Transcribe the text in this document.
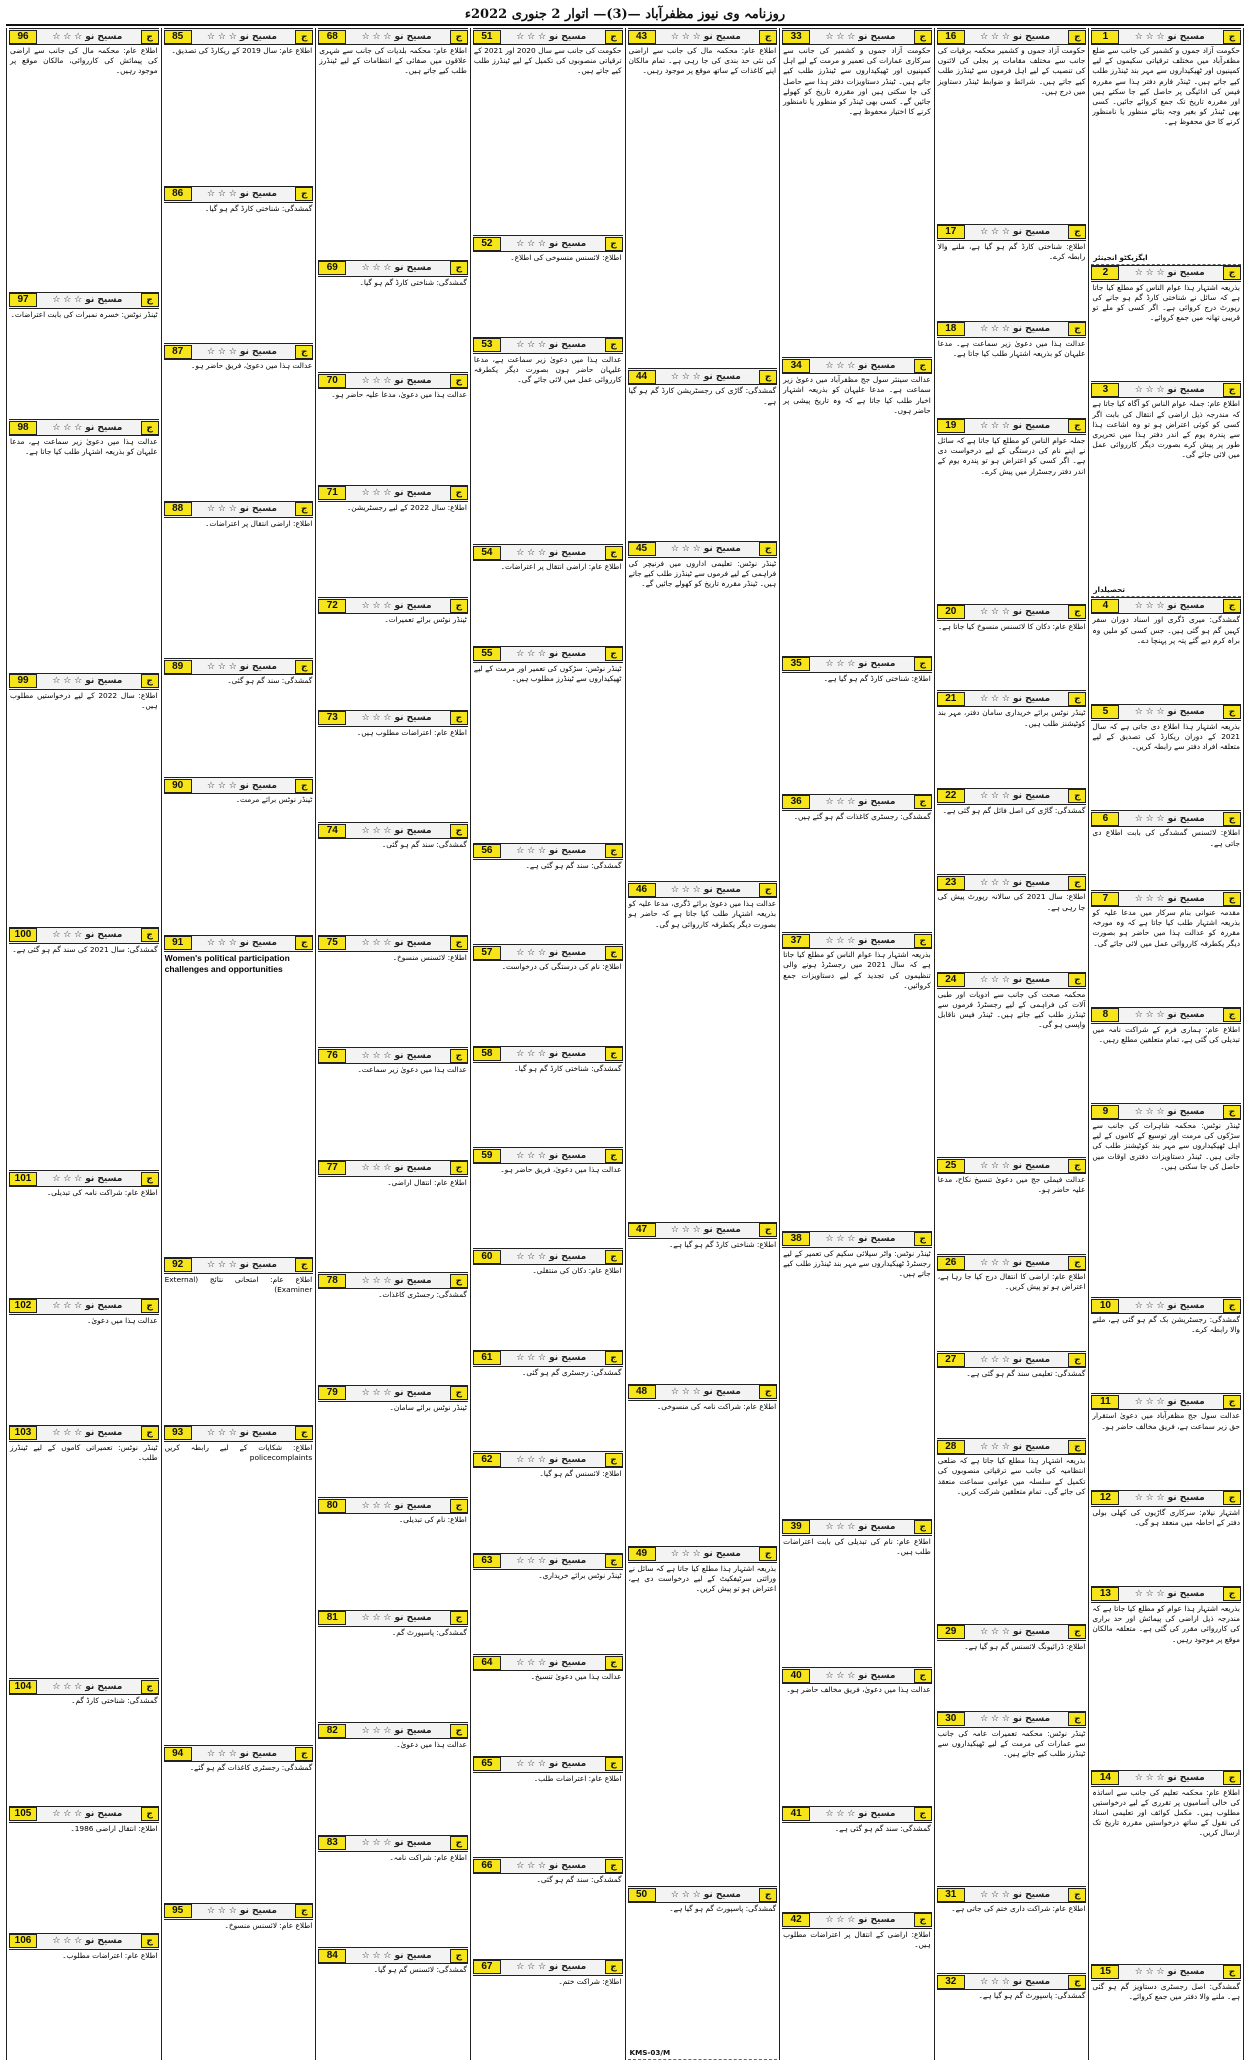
روزنامہ وی نیوز مظفرآباد —(3)— اتوار 2 جنوری 2022ء
1	☆ ☆ ☆ مسیح نو	ج
حکومت آزاد جموں و کشمیر کی جانب سے ضلع مظفرآباد میں مختلف ترقیاتی سکیموں کے لیے کمپنیوں اور ٹھیکیداروں سے مہر بند ٹینڈرز طلب کیے جاتے ہیں۔ ٹینڈر فارم دفتر ہذا سے مقررہ فیس کی ادائیگی پر حاصل کیے جا سکتے ہیں اور مقررہ تاریخ تک جمع کروائے جائیں۔ کسی بھی ٹینڈر کو بغیر وجہ بتائے منظور یا نامنظور کرنے کا حق محفوظ ہے۔
ایگزیکٹو انجینئر
2	☆ ☆ ☆ مسیح نو	ج
بذریعہ اشتہار ہذا عوام الناس کو مطلع کیا جاتا ہے کہ سائل نے شناختی کارڈ گم ہو جانے کی رپورٹ درج کروائی ہے۔ اگر کسی کو ملے تو قریبی تھانہ میں جمع کروائے۔
3	☆ ☆ ☆ مسیح نو	ج
اطلاع عام: جملہ عوام الناس کو آگاہ کیا جاتا ہے کہ مندرجہ ذیل اراضی کے انتقال کی بابت اگر کسی کو کوئی اعتراض ہو تو وہ اشاعت ہذا سے پندرہ یوم کے اندر دفتر ہذا میں تحریری طور پر پیش کرے بصورت دیگر کارروائی عمل میں لائی جائے گی۔
تحصیلدار
4	☆ ☆ ☆ مسیح نو	ج
گمشدگی: میری ڈگری اور اسناد دوران سفر کہیں گم ہو گئی ہیں۔ جس کسی کو ملیں وہ براہ کرم دیے گئے پتہ پر پہنچا دے۔
5	☆ ☆ ☆ مسیح نو	ج
بذریعہ اشتہار ہذا اطلاع دی جاتی ہے کہ سال 2021 کے دوران ریکارڈ کی تصدیق کے لیے متعلقہ افراد دفتر سے رابطہ کریں۔
6	☆ ☆ ☆ مسیح نو	ج
اطلاع: لائسنس گمشدگی کی بابت اطلاع دی جاتی ہے۔
7	☆ ☆ ☆ مسیح نو	ج
مقدمہ عنوانی بنام سرکار میں مدعا علیہ کو بذریعہ اشتہار طلب کیا جاتا ہے کہ وہ مورخہ مقررہ کو عدالت ہذا میں حاضر ہو بصورت دیگر یکطرفہ کارروائی عمل میں لائی جائے گی۔
8	☆ ☆ ☆ مسیح نو	ج
اطلاع عام: ہماری فرم کے شراکت نامہ میں تبدیلی کی گئی ہے، تمام متعلقین مطلع رہیں۔
9	☆ ☆ ☆ مسیح نو	ج
ٹینڈر نوٹس: محکمہ شاہرات کی جانب سے سڑکوں کی مرمت اور توسیع کے کاموں کے لیے اہل ٹھیکیداروں سے مہر بند کوٹیشنز طلب کی جاتی ہیں۔ ٹینڈر دستاویزات دفتری اوقات میں حاصل کی جا سکتی ہیں۔
10	☆ ☆ ☆ مسیح نو	ج
گمشدگی: رجسٹریشن بک گم ہو گئی ہے، ملنے والا رابطہ کرے۔
11	☆ ☆ ☆ مسیح نو	ج
عدالت سول جج مظفرآباد میں دعویٰ استقرار حق زیر سماعت ہے، فریق مخالف حاضر ہو۔
12	☆ ☆ ☆ مسیح نو	ج
اشتہار نیلام: سرکاری گاڑیوں کی کھلی بولی دفتر کے احاطہ میں منعقد ہو گی۔
13	☆ ☆ ☆ مسیح نو	ج
بذریعہ اشتہار ہذا عوام کو مطلع کیا جاتا ہے کہ مندرجہ ذیل اراضی کی پیمائش اور حد براری کی کارروائی مقرر کی گئی ہے۔ متعلقہ مالکان موقع پر موجود رہیں۔
14	☆ ☆ ☆ مسیح نو	ج
اطلاع عام: محکمہ تعلیم کی جانب سے اساتذہ کی خالی آسامیوں پر تقرری کے لیے درخواستیں مطلوب ہیں۔ مکمل کوائف اور تعلیمی اسناد کی نقول کے ساتھ درخواستیں مقررہ تاریخ تک ارسال کریں۔
15	☆ ☆ ☆ مسیح نو	ج
گمشدگی: اصل رجسٹری دستاویز گم ہو گئی ہے۔ ملنے والا دفتر میں جمع کروائے۔
16	☆ ☆ ☆ مسیح نو	ج
حکومت آزاد جموں و کشمیر محکمہ برقیات کی جانب سے مختلف مقامات پر بجلی کی لائنوں کی تنصیب کے لیے اہل فرموں سے ٹینڈرز طلب کیے جاتے ہیں۔ شرائط و ضوابط ٹینڈر دستاویز میں درج ہیں۔
17	☆ ☆ ☆ مسیح نو	ج
اطلاع: شناختی کارڈ گم ہو گیا ہے، ملنے والا رابطہ کرے۔
18	☆ ☆ ☆ مسیح نو	ج
عدالت ہذا میں دعویٰ زیر سماعت ہے۔ مدعا علیہان کو بذریعہ اشتہار طلب کیا جاتا ہے۔
19	☆ ☆ ☆ مسیح نو	ج
جملہ عوام الناس کو مطلع کیا جاتا ہے کہ سائل نے اپنے نام کی درستگی کے لیے درخواست دی ہے۔ اگر کسی کو اعتراض ہو تو پندرہ یوم کے اندر دفتر رجسٹرار میں پیش کرے۔
20	☆ ☆ ☆ مسیح نو	ج
اطلاع عام: دکان کا لائسنس منسوخ کیا جاتا ہے۔
21	☆ ☆ ☆ مسیح نو	ج
ٹینڈر نوٹس برائے خریداری سامان دفتر، مہر بند کوٹیشنز طلب ہیں۔
22	☆ ☆ ☆ مسیح نو	ج
گمشدگی: گاڑی کی اصل فائل گم ہو گئی ہے۔
23	☆ ☆ ☆ مسیح نو	ج
اطلاع: سال 2021 کی سالانہ رپورٹ پیش کی جا رہی ہے۔
24	☆ ☆ ☆ مسیح نو	ج
محکمہ صحت کی جانب سے ادویات اور طبی آلات کی فراہمی کے لیے رجسٹرڈ فرموں سے ٹینڈرز طلب کیے جاتے ہیں۔ ٹینڈر فیس ناقابل واپسی ہو گی۔
25	☆ ☆ ☆ مسیح نو	ج
عدالت فیملی جج میں دعویٰ تنسیخ نکاح، مدعا علیہ حاضر ہو۔
26	☆ ☆ ☆ مسیح نو	ج
اطلاع عام: اراضی کا انتقال درج کیا جا رہا ہے، اعتراض ہو تو پیش کریں۔
27	☆ ☆ ☆ مسیح نو	ج
گمشدگی: تعلیمی سند گم ہو گئی ہے۔
28	☆ ☆ ☆ مسیح نو	ج
بذریعہ اشتہار ہذا مطلع کیا جاتا ہے کہ ضلعی انتظامیہ کی جانب سے ترقیاتی منصوبوں کی تکمیل کے سلسلہ میں عوامی سماعت منعقد کی جائے گی۔ تمام متعلقین شرکت کریں۔
29	☆ ☆ ☆ مسیح نو	ج
اطلاع: ڈرائیونگ لائسنس گم ہو گیا ہے۔
30	☆ ☆ ☆ مسیح نو	ج
ٹینڈر نوٹس: محکمہ تعمیرات عامہ کی جانب سے عمارات کی مرمت کے لیے ٹھیکیداروں سے ٹینڈرز طلب کیے جاتے ہیں۔
31	☆ ☆ ☆ مسیح نو	ج
اطلاع عام: شراکت داری ختم کی جاتی ہے۔
32	☆ ☆ ☆ مسیح نو	ج
گمشدگی: پاسپورٹ گم ہو گیا ہے۔
33	☆ ☆ ☆ مسیح نو	ج
حکومت آزاد جموں و کشمیر کی جانب سے سرکاری عمارات کی تعمیر و مرمت کے لیے اہل کمپنیوں اور ٹھیکیداروں سے ٹینڈرز طلب کیے جاتے ہیں۔ ٹینڈر دستاویزات دفتر ہذا سے حاصل کی جا سکتی ہیں اور مقررہ تاریخ کو کھولے جائیں گے۔ کسی بھی ٹینڈر کو منظور یا نامنظور کرنے کا اختیار محفوظ ہے۔
34	☆ ☆ ☆ مسیح نو	ج
عدالت سینئر سول جج مظفرآباد میں دعویٰ زیر سماعت ہے۔ مدعا علیہان کو بذریعہ اشتہار اخبار طلب کیا جاتا ہے کہ وہ تاریخ پیشی پر حاضر ہوں۔
35	☆ ☆ ☆ مسیح نو	ج
اطلاع: شناختی کارڈ گم ہو گیا ہے۔
36	☆ ☆ ☆ مسیح نو	ج
گمشدگی: رجسٹری کاغذات گم ہو گئے ہیں۔
37	☆ ☆ ☆ مسیح نو	ج
بذریعہ اشتہار ہذا عوام الناس کو مطلع کیا جاتا ہے کہ سال 2021 میں رجسٹرڈ ہونے والی تنظیموں کی تجدید کے لیے دستاویزات جمع کروائیں۔
38	☆ ☆ ☆ مسیح نو	ج
ٹینڈر نوٹس: واٹر سپلائی سکیم کی تعمیر کے لیے رجسٹرڈ ٹھیکیداروں سے مہر بند ٹینڈرز طلب کیے جاتے ہیں۔
39	☆ ☆ ☆ مسیح نو	ج
اطلاع عام: نام کی تبدیلی کی بابت اعتراضات طلب ہیں۔
40	☆ ☆ ☆ مسیح نو	ج
عدالت ہذا میں دعویٰ، فریق مخالف حاضر ہو۔
41	☆ ☆ ☆ مسیح نو	ج
گمشدگی: سند گم ہو گئی ہے۔
42	☆ ☆ ☆ مسیح نو	ج
اطلاع: اراضی کے انتقال پر اعتراضات مطلوب ہیں۔
43	☆ ☆ ☆ مسیح نو	ج
اطلاع عام: محکمہ مال کی جانب سے اراضی کی نئی حد بندی کی جا رہی ہے۔ تمام مالکان اپنے کاغذات کے ساتھ موقع پر موجود رہیں۔
44	☆ ☆ ☆ مسیح نو	ج
گمشدگی: گاڑی کی رجسٹریشن کارڈ گم ہو گیا ہے۔
45	☆ ☆ ☆ مسیح نو	ج
ٹینڈر نوٹس: تعلیمی اداروں میں فرنیچر کی فراہمی کے لیے فرموں سے ٹینڈرز طلب کیے جاتے ہیں۔ ٹینڈر مقررہ تاریخ کو کھولے جائیں گے۔
46	☆ ☆ ☆ مسیح نو	ج
عدالت ہذا میں دعویٰ برائے ڈگری، مدعا علیہ کو بذریعہ اشتہار طلب کیا جاتا ہے کہ حاضر ہو بصورت دیگر یکطرفہ کارروائی ہو گی۔
47	☆ ☆ ☆ مسیح نو	ج
اطلاع: شناختی کارڈ گم ہو گیا ہے۔
48	☆ ☆ ☆ مسیح نو	ج
اطلاع عام: شراکت نامہ کی منسوخی۔
49	☆ ☆ ☆ مسیح نو	ج
بذریعہ اشتہار ہذا مطلع کیا جاتا ہے کہ سائل نے وراثتی سرٹیفکیٹ کے لیے درخواست دی ہے، اعتراض ہو تو پیش کریں۔
50	☆ ☆ ☆ مسیح نو	ج
گمشدگی: پاسپورٹ گم ہو گیا ہے۔
KMS-03/M
51	☆ ☆ ☆ مسیح نو	ج
حکومت کی جانب سے سال 2020 اور 2021 کے ترقیاتی منصوبوں کی تکمیل کے لیے ٹینڈرز طلب کیے جاتے ہیں۔
52	☆ ☆ ☆ مسیح نو	ج
اطلاع: لائسنس منسوخی کی اطلاع۔
53	☆ ☆ ☆ مسیح نو	ج
عدالت ہذا میں دعویٰ زیر سماعت ہے، مدعا علیہان حاضر ہوں بصورت دیگر یکطرفہ کارروائی عمل میں لائی جائے گی۔
54	☆ ☆ ☆ مسیح نو	ج
اطلاع عام: اراضی انتقال پر اعتراضات۔
55	☆ ☆ ☆ مسیح نو	ج
ٹینڈر نوٹس: سڑکوں کی تعمیر اور مرمت کے لیے ٹھیکیداروں سے ٹینڈرز مطلوب ہیں۔
56	☆ ☆ ☆ مسیح نو	ج
گمشدگی: سند گم ہو گئی ہے۔
57	☆ ☆ ☆ مسیح نو	ج
اطلاع: نام کی درستگی کی درخواست۔
58	☆ ☆ ☆ مسیح نو	ج
گمشدگی: شناختی کارڈ گم ہو گیا۔
59	☆ ☆ ☆ مسیح نو	ج
عدالت ہذا میں دعویٰ، فریق حاضر ہو۔
60	☆ ☆ ☆ مسیح نو	ج
اطلاع عام: دکان کی منتقلی۔
61	☆ ☆ ☆ مسیح نو	ج
گمشدگی: رجسٹری گم ہو گئی۔
62	☆ ☆ ☆ مسیح نو	ج
اطلاع: لائسنس گم ہو گیا۔
63	☆ ☆ ☆ مسیح نو	ج
ٹینڈر نوٹس برائے خریداری۔
64	☆ ☆ ☆ مسیح نو	ج
عدالت ہذا میں دعویٰ تنسیخ۔
65	☆ ☆ ☆ مسیح نو	ج
اطلاع عام: اعتراضات طلب۔
66	☆ ☆ ☆ مسیح نو	ج
گمشدگی: سند گم ہو گئی۔
67	☆ ☆ ☆ مسیح نو	ج
اطلاع: شراکت ختم۔
68	☆ ☆ ☆ مسیح نو	ج
اطلاع عام: محکمہ بلدیات کی جانب سے شہری علاقوں میں صفائی کے انتظامات کے لیے ٹینڈرز طلب کیے جاتے ہیں۔
69	☆ ☆ ☆ مسیح نو	ج
گمشدگی: شناختی کارڈ گم ہو گیا۔
70	☆ ☆ ☆ مسیح نو	ج
عدالت ہذا میں دعویٰ، مدعا علیہ حاضر ہو۔
71	☆ ☆ ☆ مسیح نو	ج
اطلاع: سال 2022 کے لیے رجسٹریشن۔
72	☆ ☆ ☆ مسیح نو	ج
ٹینڈر نوٹس برائے تعمیرات۔
73	☆ ☆ ☆ مسیح نو	ج
اطلاع عام: اعتراضات مطلوب ہیں۔
74	☆ ☆ ☆ مسیح نو	ج
گمشدگی: سند گم ہو گئی۔
75	☆ ☆ ☆ مسیح نو	ج
اطلاع: لائسنس منسوخ۔
76	☆ ☆ ☆ مسیح نو	ج
عدالت ہذا میں دعویٰ زیر سماعت۔
77	☆ ☆ ☆ مسیح نو	ج
اطلاع عام: انتقال اراضی۔
78	☆ ☆ ☆ مسیح نو	ج
گمشدگی: رجسٹری کاغذات۔
79	☆ ☆ ☆ مسیح نو	ج
ٹینڈر نوٹس برائے سامان۔
80	☆ ☆ ☆ مسیح نو	ج
اطلاع: نام کی تبدیلی۔
81	☆ ☆ ☆ مسیح نو	ج
گمشدگی: پاسپورٹ گم۔
82	☆ ☆ ☆ مسیح نو	ج
عدالت ہذا میں دعویٰ۔
83	☆ ☆ ☆ مسیح نو	ج
اطلاع عام: شراکت نامہ۔
84	☆ ☆ ☆ مسیح نو	ج
گمشدگی: لائسنس گم ہو گیا۔
85	☆ ☆ ☆ مسیح نو	ج
اطلاع عام: سال 2019 کے ریکارڈ کی تصدیق۔
86	☆ ☆ ☆ مسیح نو	ج
گمشدگی: شناختی کارڈ گم ہو گیا۔
87	☆ ☆ ☆ مسیح نو	ج
عدالت ہذا میں دعویٰ، فریق حاضر ہو۔
88	☆ ☆ ☆ مسیح نو	ج
اطلاع: اراضی انتقال پر اعتراضات۔
89	☆ ☆ ☆ مسیح نو	ج
گمشدگی: سند گم ہو گئی۔
90	☆ ☆ ☆ مسیح نو	ج
ٹینڈر نوٹس برائے مرمت۔
91	☆ ☆ ☆ مسیح نو	ج
Women's political participation challenges and opportunities
92	☆ ☆ ☆ مسیح نو	ج
اطلاع عام: امتحانی نتائج (External Examiner)
93	☆ ☆ ☆ مسیح نو	ج
اطلاع: شکایات کے لیے رابطہ کریں policecomplaints
94	☆ ☆ ☆ مسیح نو	ج
گمشدگی: رجسٹری کاغذات گم ہو گئے۔
95	☆ ☆ ☆ مسیح نو	ج
اطلاع عام: لائسنس منسوخ۔
96	☆ ☆ ☆ مسیح نو	ج
اطلاع عام: محکمہ مال کی جانب سے اراضی کی پیمائش کی کارروائی، مالکان موقع پر موجود رہیں۔
97	☆ ☆ ☆ مسیح نو	ج
ٹینڈر نوٹس: خسرہ نمبرات کی بابت اعتراضات۔
98	☆ ☆ ☆ مسیح نو	ج
عدالت ہذا میں دعویٰ زیر سماعت ہے، مدعا علیہان کو بذریعہ اشتہار طلب کیا جاتا ہے۔
99	☆ ☆ ☆ مسیح نو	ج
اطلاع: سال 2022 کے لیے درخواستیں مطلوب ہیں۔
100	☆ ☆ ☆ مسیح نو	ج
گمشدگی: سال 2021 کی سند گم ہو گئی ہے۔
101	☆ ☆ ☆ مسیح نو	ج
اطلاع عام: شراکت نامہ کی تبدیلی۔
102	☆ ☆ ☆ مسیح نو	ج
عدالت ہذا میں دعویٰ۔
103	☆ ☆ ☆ مسیح نو	ج
ٹینڈر نوٹس: تعمیراتی کاموں کے لیے ٹینڈرز طلب۔
104	☆ ☆ ☆ مسیح نو	ج
گمشدگی: شناختی کارڈ گم۔
105	☆ ☆ ☆ مسیح نو	ج
اطلاع: انتقال اراضی 1986۔
106	☆ ☆ ☆ مسیح نو	ج
اطلاع عام: اعتراضات مطلوب۔
